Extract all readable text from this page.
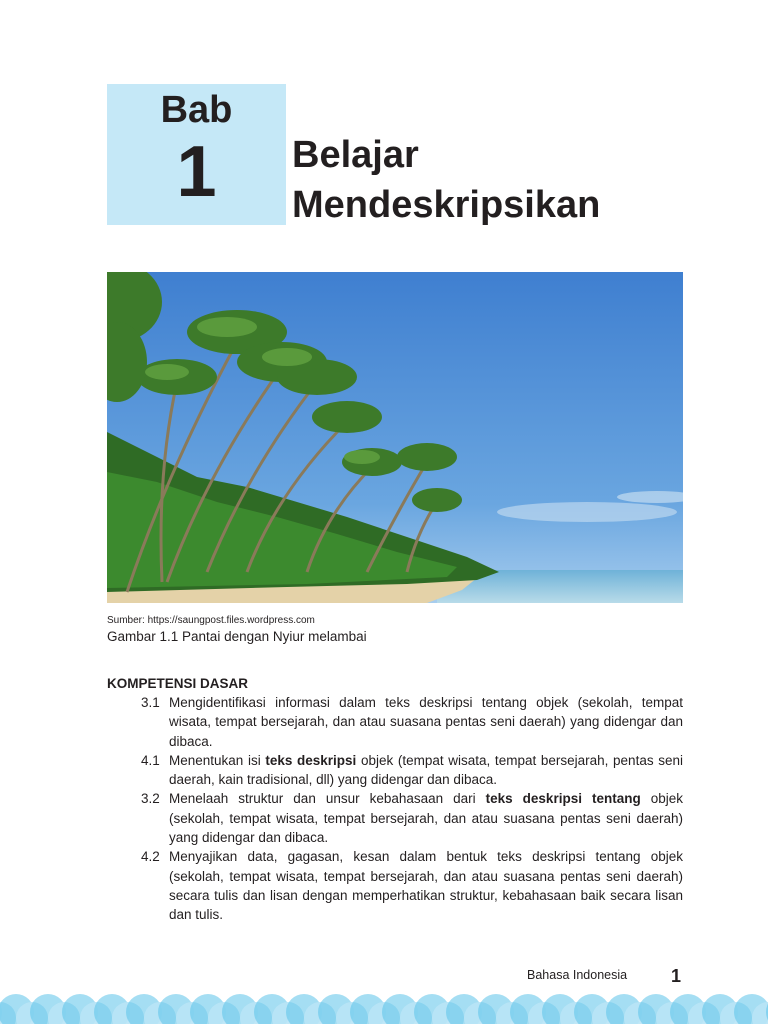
Bab
1	Belajar
Mendeskripsikan
Sumber: https://saungpost.files.wordpress.com
Gambar 1.1 Pantai dengan Nyiur melambai
KOMPETENSI DASAR
3.1 Mengidentifikasi informasi dalam teks deskripsi tentang objek (sekolah, tempat wisata, tempat bersejarah, dan atau suasana pentas seni daerah) yang didengar dan dibaca.
4.1 Menentukan isi teks deskripsi objek (tempat wisata, tempat bersejarah, pentas seni daerah, kain tradisional, dll) yang didengar dan dibaca.
3.2 Menelaah struktur dan unsur kebahasaan dari teks deskripsi tentang objek (sekolah, tempat wisata, tempat bersejarah, dan atau suasana pentas seni daerah) yang didengar dan dibaca.
4.2 Menyajikan data, gagasan, kesan dalam bentuk teks deskripsi tentang objek (sekolah, tempat wisata, tempat bersejarah, dan atau suasana pentas seni daerah) secara tulis dan lisan dengan memperhatikan struktur, kebahasaan baik secara lisan dan tulis.
Bahasa Indonesia 1
